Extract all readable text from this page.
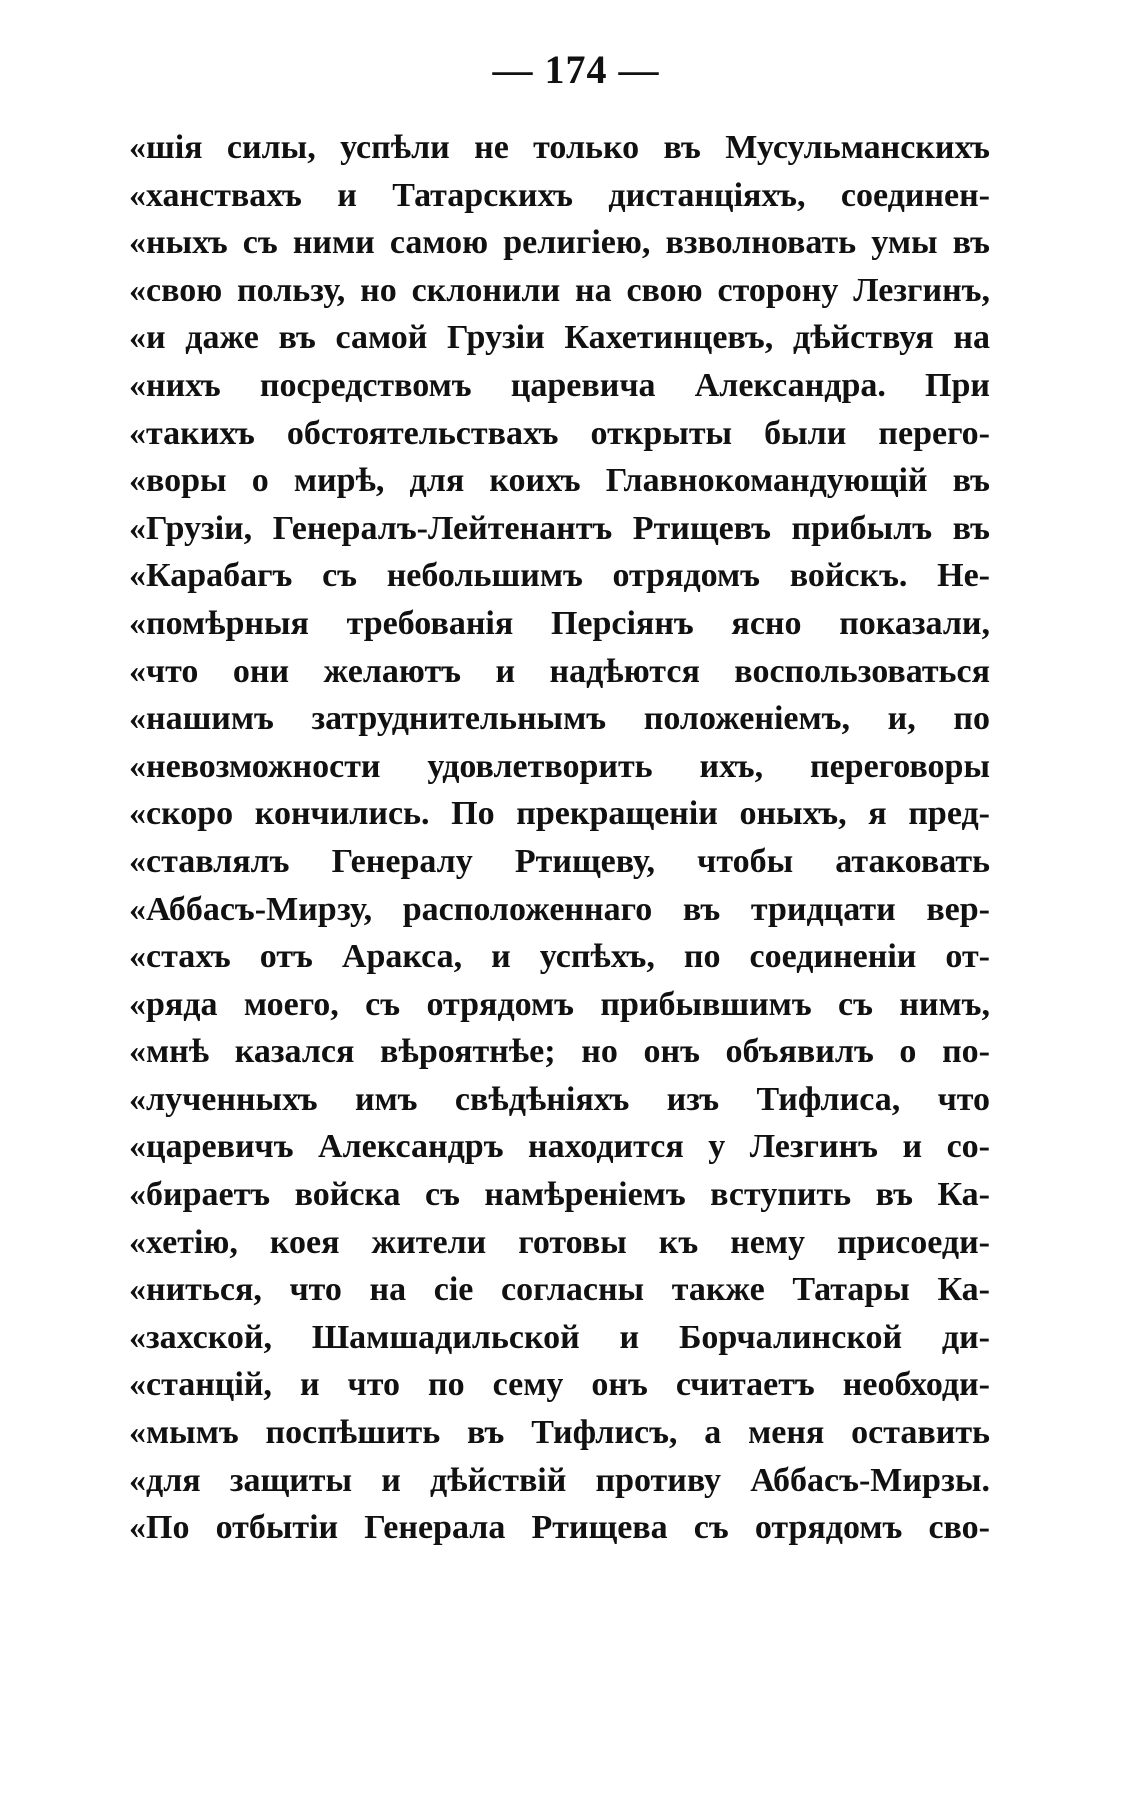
— 174 —
«шія силы, успѣли не только въ Мусульманскихъ
«ханствахъ и Татарскихъ дистанціяхъ, соединен-
«ныхъ съ ними самою религіею, взволновать умы въ
«свою пользу, но склонили на свою сторону Лезгинъ,
«и даже въ самой Грузіи Кахетинцевъ, дѣйствуя на
«нихъ посредствомъ царевича Александра. При
«такихъ обстоятельствахъ открыты были перего-
«воры о мирѣ, для коихъ Главнокомандующій въ
«Грузіи, Генералъ-Лейтенантъ Ртищевъ прибылъ въ
«Карабагъ съ небольшимъ отрядомъ войскъ. Не-
«помѣрныя требованія Персіянъ ясно показали,
«что они желаютъ и надѣются воспользоваться
«нашимъ затруднительнымъ положеніемъ, и, по
«невозможности удовлетворить ихъ, переговоры
«скоро кончились. По прекращеніи оныхъ, я пред-
«ставлялъ Генералу Ртищеву, чтобы атаковать
«Аббасъ-Мирзу, расположеннаго въ тридцати вер-
«стахъ отъ Аракса, и успѣхъ, по соединеніи от-
«ряда моего, съ отрядомъ прибывшимъ съ нимъ,
«мнѣ казался вѣроятнѣе; но онъ объявилъ о по-
«лученныхъ имъ свѣдѣніяхъ изъ Тифлиса, что
«царевичъ Александръ находится у Лезгинъ и со-
«бираетъ войска съ намѣреніемъ вступить въ Ка-
«хетію, коея жители готовы къ нему присоеди-
«ниться, что на сіе согласны также Татары Ка-
«захской, Шамшадильской и Борчалинской ди-
«станцій, и что по сему онъ считаетъ необходи-
«мымъ поспѣшить въ Тифлисъ, а меня оставить
«для защиты и дѣйствій противу Аббасъ-Мирзы.
«По отбытіи Генерала Ртищева съ отрядомъ сво-
